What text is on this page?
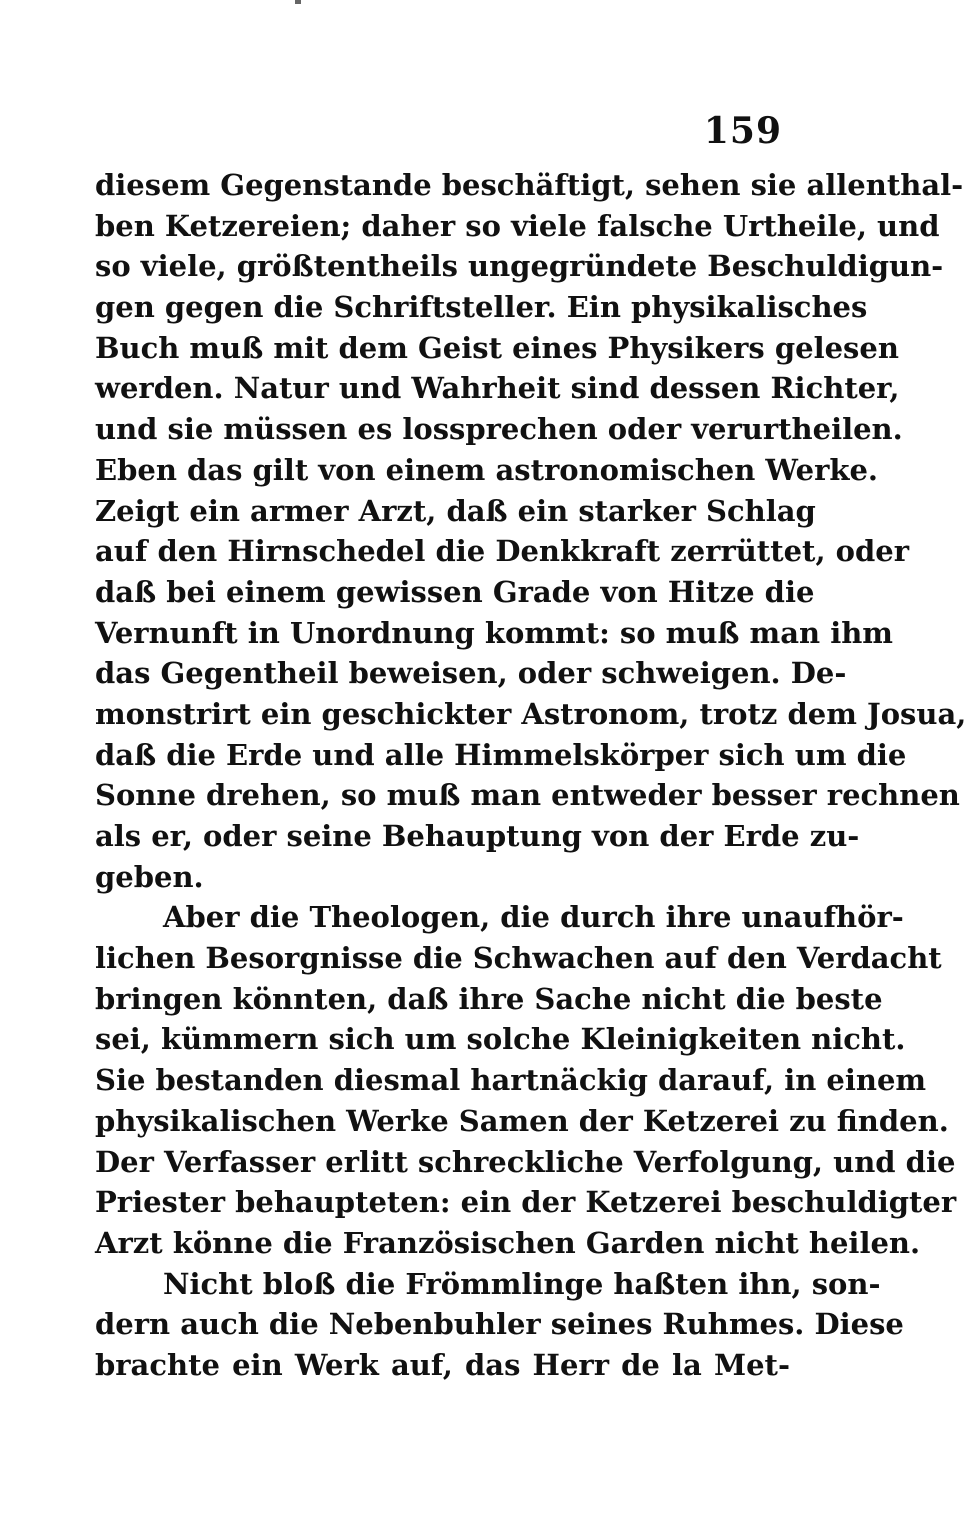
159
diesem Gegenstande beschäftigt, sehen sie allenthal-
ben Ketzereien; daher so viele falsche Urtheile, und
so viele, größtentheils ungegründete Beschuldigun-
gen gegen die Schriftsteller. Ein physikalisches
Buch muß mit dem Geist eines Physikers gelesen
werden. Natur und Wahrheit sind dessen Richter,
und sie müssen es lossprechen oder verurtheilen.
Eben das gilt von einem astronomischen Werke.
Zeigt ein armer Arzt, daß ein starker Schlag
auf den Hirnschedel die Denkkraft zerrüttet, oder
daß bei einem gewissen Grade von Hitze die
Vernunft in Unordnung kommt: so muß man ihm
das Gegentheil beweisen, oder schweigen. De-
monstrirt ein geschickter Astronom, trotz dem Josua,
daß die Erde und alle Himmelskörper sich um die
Sonne drehen, so muß man entweder besser rechnen
als er, oder seine Behauptung von der Erde zu-
geben.
Aber die Theologen, die durch ihre unaufhör-
lichen Besorgnisse die Schwachen auf den Verdacht
bringen könnten, daß ihre Sache nicht die beste
sei, kümmern sich um solche Kleinigkeiten nicht.
Sie bestanden diesmal hartnäckig darauf, in einem
physikalischen Werke Samen der Ketzerei zu finden.
Der Verfasser erlitt schreckliche Verfolgung, und die
Priester behaupteten: ein der Ketzerei beschuldigter
Arzt könne die Französischen Garden nicht heilen.
Nicht bloß die Frömmlinge haßten ihn, son-
dern auch die Nebenbuhler seines Ruhmes. Diese
brachte ein Werk auf, das Herr de la Met-
